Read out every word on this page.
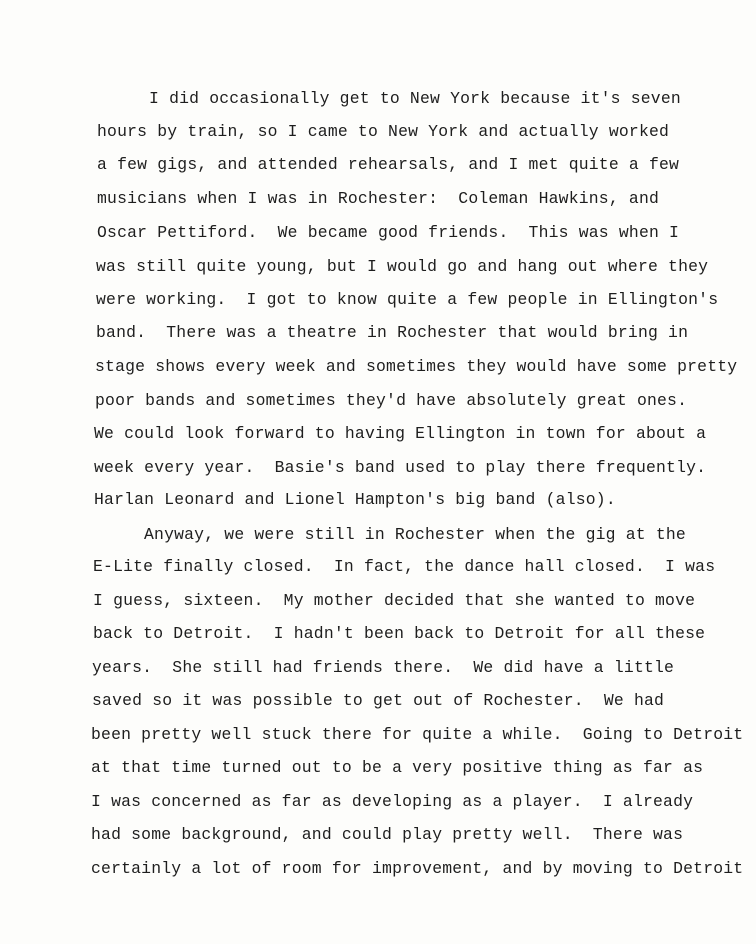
I did occasionally get to New York because it's seven
hours by train, so I came to New York and actually worked
a few gigs, and attended rehearsals, and I met quite a few
musicians when I was in Rochester:  Coleman Hawkins, and
Oscar Pettiford.  We became good friends.  This was when I
was still quite young, but I would go and hang out where they
were working.  I got to know quite a few people in Ellington's
band.  There was a theatre in Rochester that would bring in
stage shows every week and sometimes they would have some pretty
poor bands and sometimes they'd have absolutely great ones.
We could look forward to having Ellington in town for about a
week every year.  Basie's band used to play there frequently.
Harlan Leonard and Lionel Hampton's big band (also).
Anyway, we were still in Rochester when the gig at the
E-Lite finally closed.  In fact, the dance hall closed.  I was
I guess, sixteen.  My mother decided that she wanted to move
back to Detroit.  I hadn't been back to Detroit for all these
years.  She still had friends there.  We did have a little
saved so it was possible to get out of Rochester.  We had
been pretty well stuck there for quite a while.  Going to Detroit
at that time turned out to be a very positive thing as far as
I was concerned as far as developing as a player.  I already
had some background, and could play pretty well.  There was
certainly a lot of room for improvement, and by moving to Detroit
